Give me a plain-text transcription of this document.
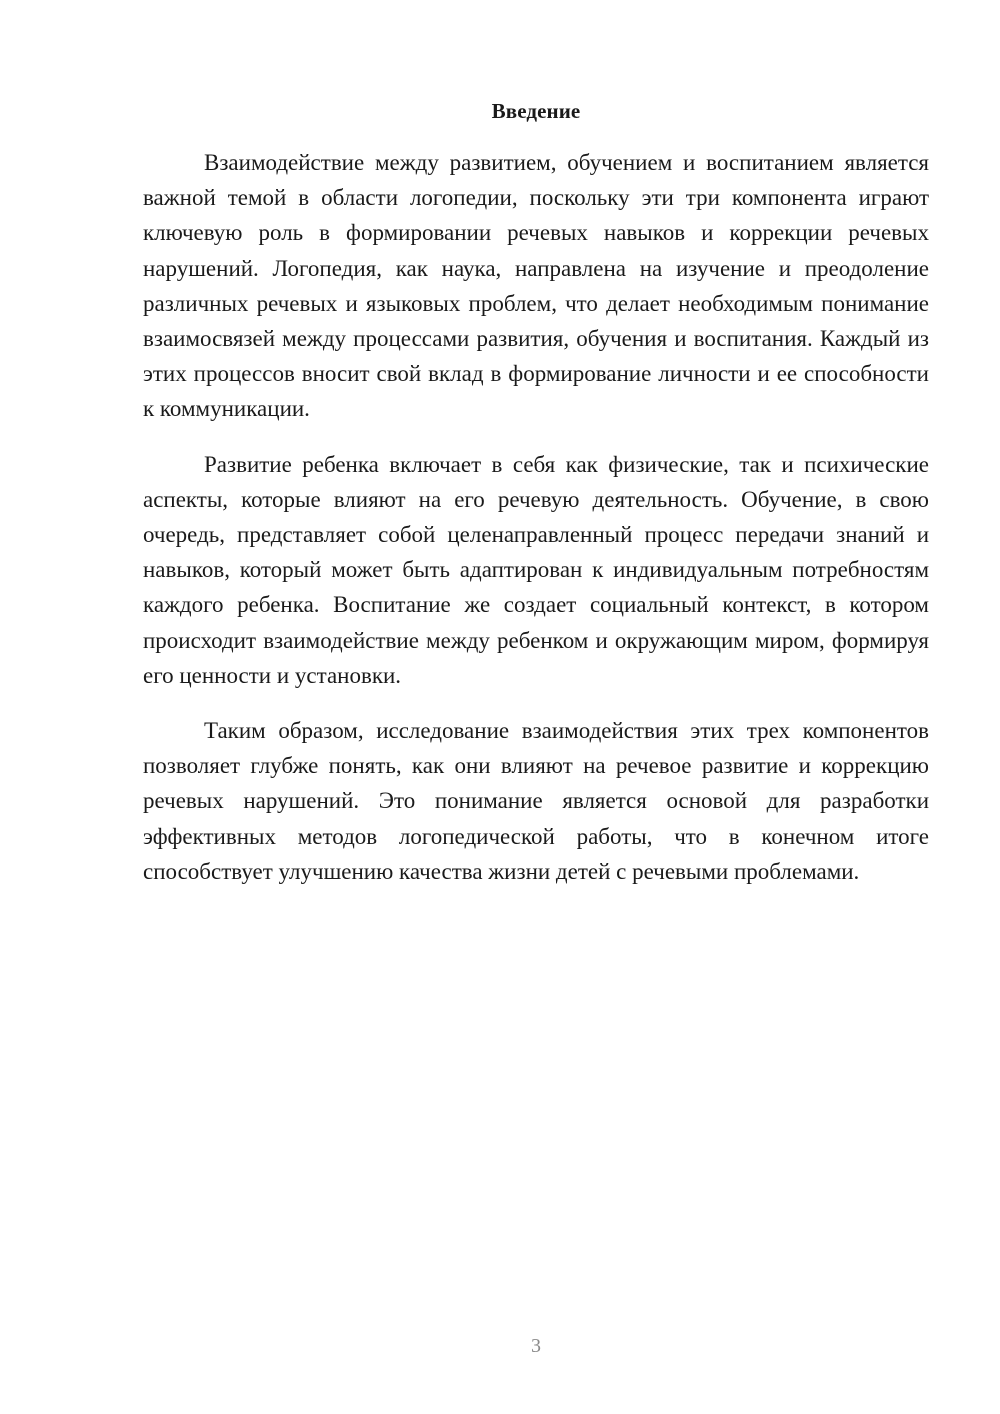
Введение

Взаимодействие между развитием, обучением и воспитанием является важной темой в области логопедии, поскольку эти три компонента играют ключевую роль в формировании речевых навыков и коррекции речевых нарушений. Логопедия, как наука, направлена на изучение и преодоление различных речевых и языковых проблем, что делает необходимым понимание взаимосвязей между процессами развития, обучения и воспитания. Каждый из этих процессов вносит свой вклад в формирование личности и ее способности к коммуникации.

Развитие ребенка включает в себя как физические, так и психические аспекты, которые влияют на его речевую деятельность. Обучение, в свою очередь, представляет собой целенаправленный процесс передачи знаний и навыков, который может быть адаптирован к индивидуальным потребностям каждого ребенка. Воспитание же создает социальный контекст, в котором происходит взаимодействие между ребенком и окружающим миром, формируя его ценности и установки.

Таким образом, исследование взаимодействия этих трех компонентов позволяет глубже понять, как они влияют на речевое развитие и коррекцию речевых нарушений. Это понимание является основой для разработки эффективных методов логопедической работы, что в конечном итоге способствует улучшению качества жизни детей с речевыми проблемами.

3
